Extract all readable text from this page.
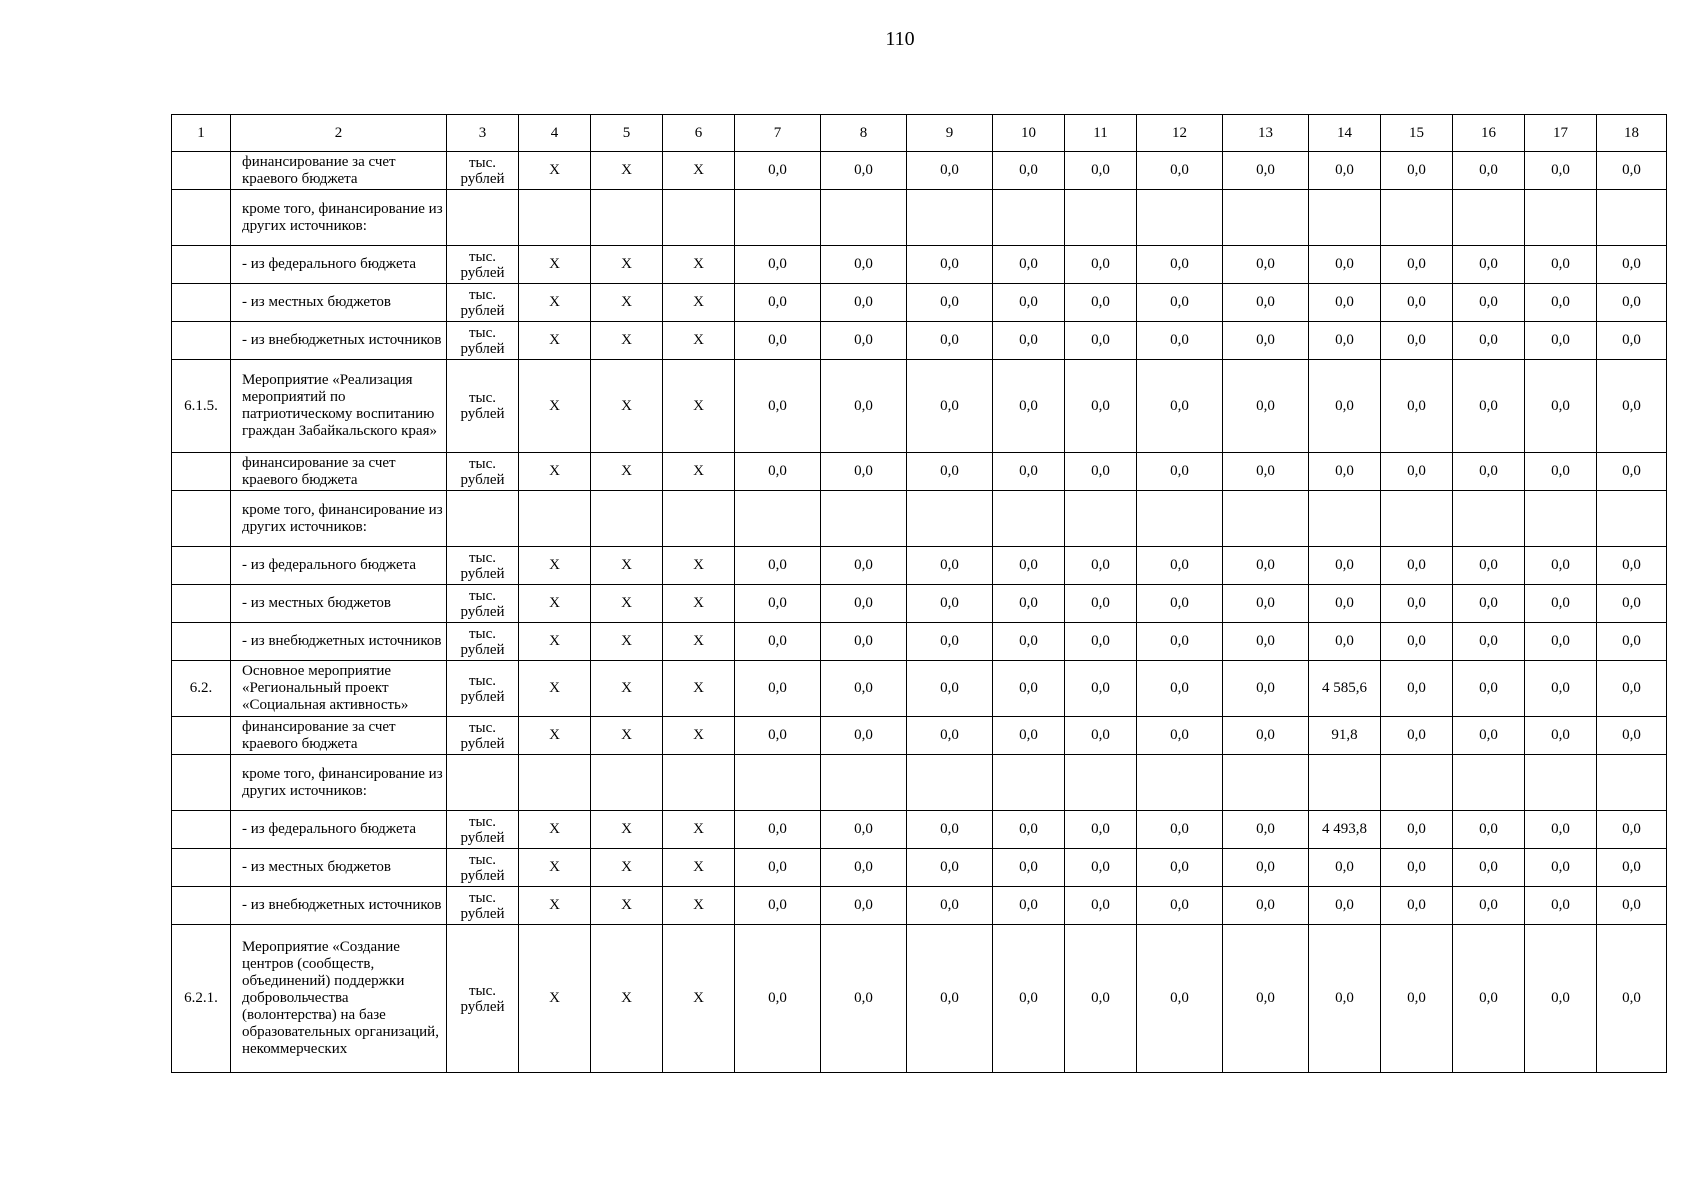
110
1	2	3	4	5	6	7	8	9	10	11	12	13	14	15	16	17	18
	финансирование за счет краевого бюджета	тыс. рублей	X	X	X	0,0	0,0	0,0	0,0	0,0	0,0	0,0	0,0	0,0	0,0	0,0	0,0
	кроме того, финансирование из других источников:																
	- из федерального бюджета	тыс. рублей	X	X	X	0,0	0,0	0,0	0,0	0,0	0,0	0,0	0,0	0,0	0,0	0,0	0,0
	- из местных бюджетов	тыс. рублей	X	X	X	0,0	0,0	0,0	0,0	0,0	0,0	0,0	0,0	0,0	0,0	0,0	0,0
	- из внебюджетных источников	тыс. рублей	X	X	X	0,0	0,0	0,0	0,0	0,0	0,0	0,0	0,0	0,0	0,0	0,0	0,0
6.1.5.	Мероприятие «Реализация мероприятий по патриотическому воспитанию граждан Забайкальского края»	тыс. рублей	X	X	X	0,0	0,0	0,0	0,0	0,0	0,0	0,0	0,0	0,0	0,0	0,0	0,0
	финансирование за счет краевого бюджета	тыс. рублей	X	X	X	0,0	0,0	0,0	0,0	0,0	0,0	0,0	0,0	0,0	0,0	0,0	0,0
	кроме того, финансирование из других источников:																
	- из федерального бюджета	тыс. рублей	X	X	X	0,0	0,0	0,0	0,0	0,0	0,0	0,0	0,0	0,0	0,0	0,0	0,0
	- из местных бюджетов	тыс. рублей	X	X	X	0,0	0,0	0,0	0,0	0,0	0,0	0,0	0,0	0,0	0,0	0,0	0,0
	- из внебюджетных источников	тыс. рублей	X	X	X	0,0	0,0	0,0	0,0	0,0	0,0	0,0	0,0	0,0	0,0	0,0	0,0
6.2.	Основное мероприятие «Региональный проект «Социальная активность»	тыс. рублей	X	X	X	0,0	0,0	0,0	0,0	0,0	0,0	0,0	4 585,6	0,0	0,0	0,0	0,0
	финансирование за счет краевого бюджета	тыс. рублей	X	X	X	0,0	0,0	0,0	0,0	0,0	0,0	0,0	91,8	0,0	0,0	0,0	0,0
	кроме того, финансирование из других источников:																
	- из федерального бюджета	тыс. рублей	X	X	X	0,0	0,0	0,0	0,0	0,0	0,0	0,0	4 493,8	0,0	0,0	0,0	0,0
	- из местных бюджетов	тыс. рублей	X	X	X	0,0	0,0	0,0	0,0	0,0	0,0	0,0	0,0	0,0	0,0	0,0	0,0
	- из внебюджетных источников	тыс. рублей	X	X	X	0,0	0,0	0,0	0,0	0,0	0,0	0,0	0,0	0,0	0,0	0,0	0,0
6.2.1.	Мероприятие «Создание центров (сообществ, объединений) поддержки добровольчества (волонтерства) на базе образовательных организаций, некоммерческих	тыс. рублей	X	X	X	0,0	0,0	0,0	0,0	0,0	0,0	0,0	0,0	0,0	0,0	0,0	0,0
